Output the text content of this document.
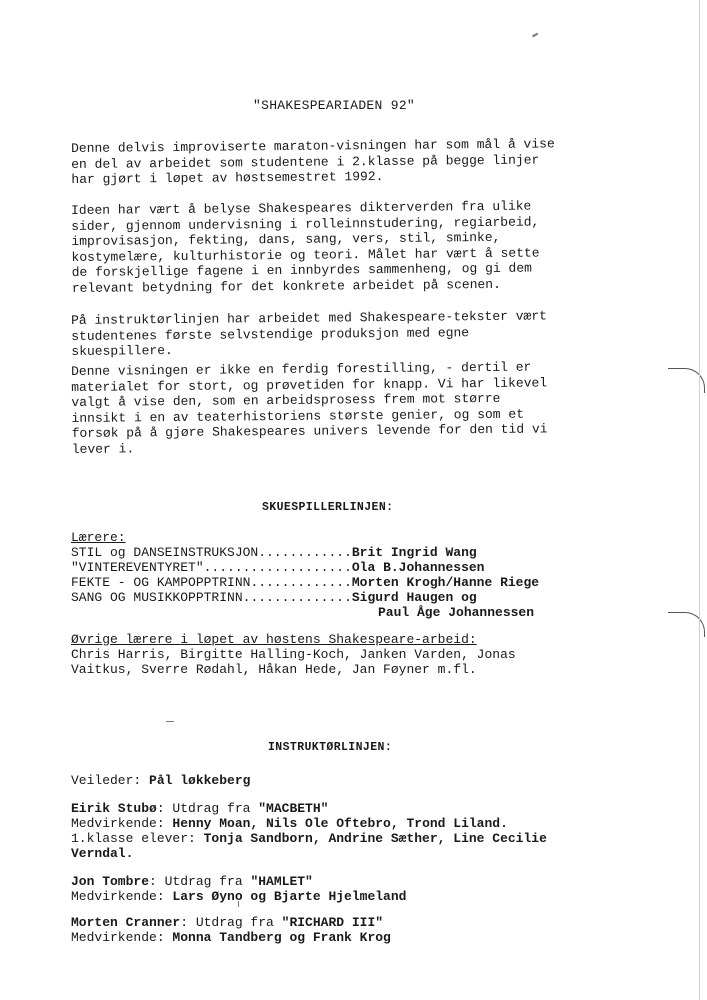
"SHAKESPEARIADEN 92"
Denne delvis improviserte maraton-visningen har som mål å vise
en del av arbeidet som studentene i 2.klasse på begge linjer
har gjørt i løpet av høstsemestret 1992.
Ideen har vært å belyse Shakespeares dikterverden fra ulike
sider, gjennom undervisning i rolleinnstudering, regiarbeid,
improvisasjon, fekting, dans, sang, vers, stil, sminke,
kostymelære, kulturhistorie og teori. Målet har vært å sette
de forskjellige fagene i en innbyrdes sammenheng, og gi dem
relevant betydning for det konkrete arbeidet på scenen.
På instruktørlinjen har arbeidet med Shakespeare-tekster vært
studentenes første selvstendige produksjon med egne
skuespillere.
Denne visningen er ikke en ferdig forestilling, - dertil er
materialet for stort, og prøvetiden for knapp. Vi har likevel
valgt å vise den, som en arbeidsprosess frem mot større
innsikt i en av teaterhistoriens største genier, og som et
forsøk på å gjøre Shakespeares univers levende for den tid vi
lever i.
SKUESPILLERLINJEN:
Lærere:
STIL og DANSEINSTRUKSJON............Brit Ingrid Wang
"VINTEREVENTYRET"...................Ola B.Johannessen
FEKTE - OG KAMPOPPTRINN.............Morten Krogh/Hanne Riege
SANG OG MUSIKKOPPTRINN..............Sigurd Haugen og
Paul Åge Johannessen
Øvrige lærere i løpet av høstens Shakespeare-arbeid:
Chris Harris, Birgitte Halling-Koch, Janken Varden, Jonas
Vaitkus, Sverre Rødahl, Håkan Hede, Jan Føyner m.fl.
INSTRUKTØRLINJEN:
Veileder: Pål løkkeberg
Eirik Stubø: Utdrag fra "MACBETH"
Medvirkende: Henny Moan, Nils Ole Oftebro, Trond Liland.
1.klasse elever: Tonja Sandborn, Andrine Sæther, Line Cecilie
Verndal.
Jon Tombre: Utdrag fra "HAMLET"
Medvirkende: Lars Øyno og Bjarte Hjelmeland
Morten Cranner: Utdrag fra "RICHARD III"
Medvirkende: Monna Tandberg og Frank Krog
